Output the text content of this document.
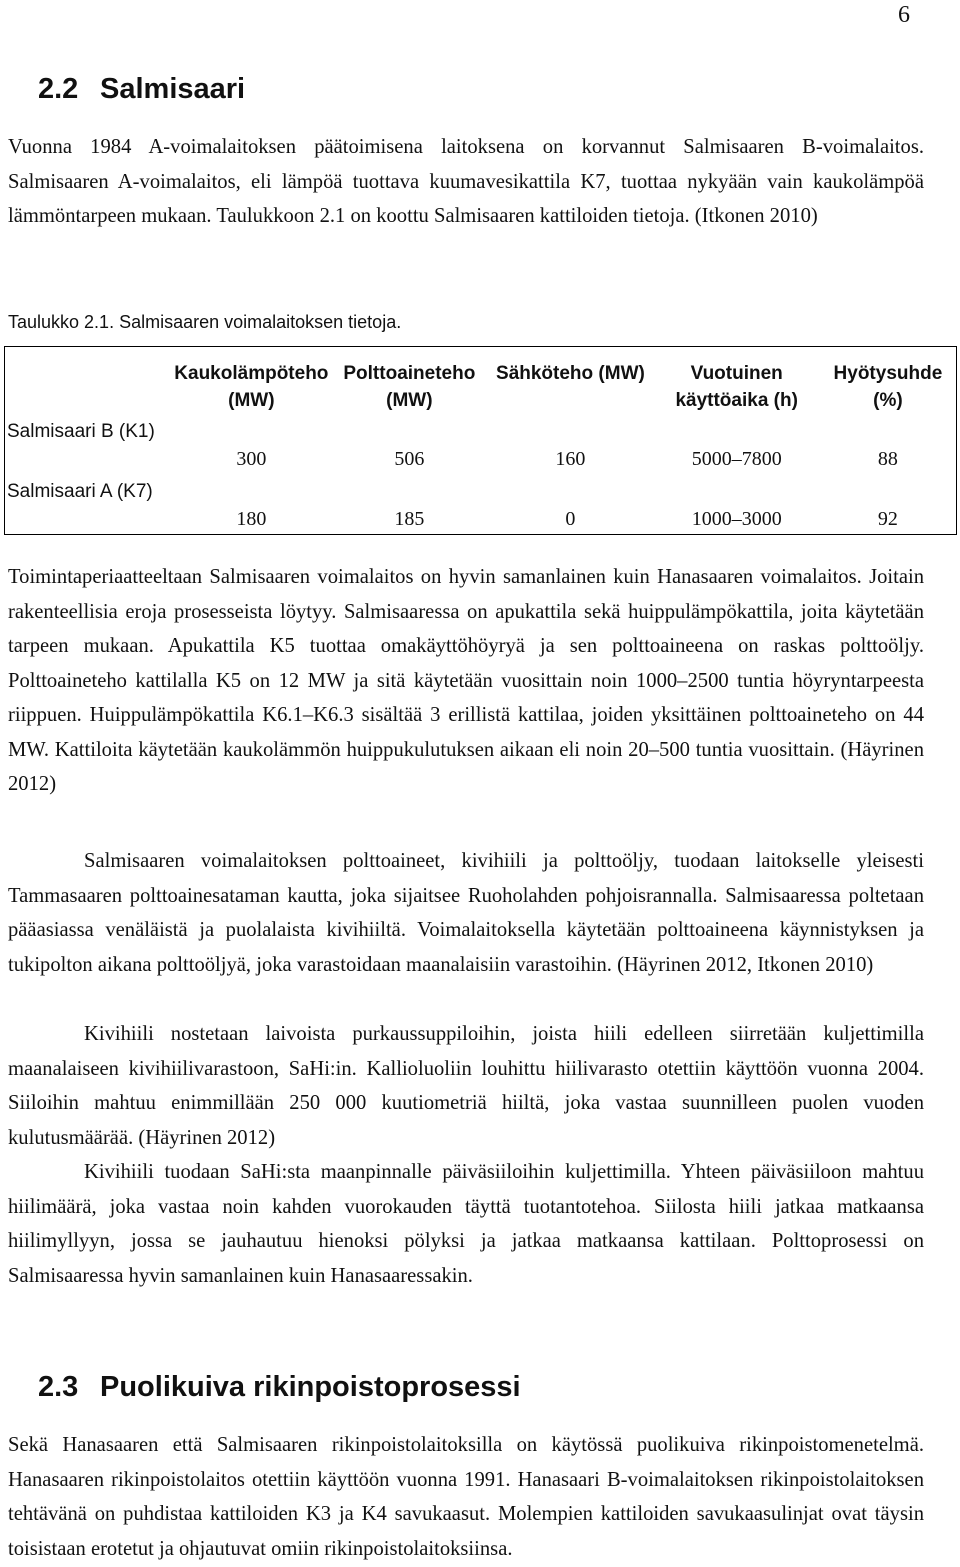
6
2.2 Salmisaari

Vuonna 1984 A-voimalaitoksen päätoimisena laitoksena on korvannut Salmisaaren B-voimalaitos. Salmisaaren A-voimalaitos, eli lämpöä tuottava kuumavesikattila K7, tuottaa nykyään vain kaukolämpöä lämmöntarpeen mukaan. Taulukkoon 2.1 on koottu Salmisaaren kattiloiden tietoja. (Itkonen 2010)

Taulukko 2.1. Salmisaaren voimalaitoksen tietoja.

	Kaukolämpöteho (MW)	Polttoaineteho (MW)	Sähköteho (MW)	Vuotuinen käyttöaika (h)	Hyötysuhde (%)
Salmisaari B (K1)	300	506	160	5000–7800	88
Salmisaari A (K7)	180	185	0	1000–3000	92

Toimintaperiaatteeltaan Salmisaaren voimalaitos on hyvin samanlainen kuin Hanasaaren voimalaitos. Joitain rakenteellisia eroja prosesseista löytyy. Salmisaaressa on apukattila sekä huippulämpökattila, joita käytetään tarpeen mukaan. Apukattila K5 tuottaa omakäyttöhöyryä ja sen polttoaineena on raskas polttoöljy. Polttoaineteho kattilalla K5 on 12 MW ja sitä käytetään vuosittain noin 1000–2500 tuntia höyryntarpeesta riippuen. Huippulämpökattila K6.1–K6.3 sisältää 3 erillistä kattilaa, joiden yksittäinen polttoaineteho on 44 MW. Kattiloita käytetään kaukolämmön huippukulutuksen aikaan eli noin 20–500 tuntia vuosittain. (Häyrinen 2012)

Salmisaaren voimalaitoksen polttoaineet, kivihiili ja polttoöljy, tuodaan laitokselle yleisesti Tammasaaren polttoainesataman kautta, joka sijaitsee Ruoholahden pohjoisrannalla. Salmisaaressa poltetaan pääasiassa venäläistä ja puolalaista kivihiiltä. Voimalaitoksella käytetään polttoaineena käynnistyksen ja tukipolton aikana polttoöljyä, joka varastoidaan maanalaisiin varastoihin. (Häyrinen 2012, Itkonen 2010)

Kivihiili nostetaan laivoista purkaussuppiloihin, joista hiili edelleen siirretään kuljettimilla maanalaiseen kivihiilivarastoon, SaHi:in. Kallioluoliin louhittu hiilivarasto otettiin käyttöön vuonna 2004. Siiloihin mahtuu enimmillään 250 000 kuutiometriä hiiltä, joka vastaa suunnilleen puolen vuoden kulutusmäärää. (Häyrinen 2012)

Kivihiili tuodaan SaHi:sta maanpinnalle päiväsiiloihin kuljettimilla. Yhteen päiväsiiloon mahtuu hiilimäärä, joka vastaa noin kahden vuorokauden täyttä tuotantotehoa. Siilosta hiili jatkaa matkaansa hiilimyllyyn, jossa se jauhautuu hienoksi pölyksi ja jatkaa matkaansa kattilaan. Polttoprosessi on Salmisaaressa hyvin samanlainen kuin Hanasaaressakin.

2.3 Puolikuiva rikinpoistoprosessi

Sekä Hanasaaren että Salmisaaren rikinpoistolaitoksilla on käytössä puolikuiva rikinpoistomenetelmä. Hanasaaren rikinpoistolaitos otettiin käyttöön vuonna 1991. Hanasaari B-voimalaitoksen rikinpoistolaitoksen tehtävänä on puhdistaa kattiloiden K3 ja K4 savukaasut. Molempien kattiloiden savukaasulinjat ovat täysin toisistaan erotetut ja ohjautuvat omiin rikinpoistolaitoksiinsa.
